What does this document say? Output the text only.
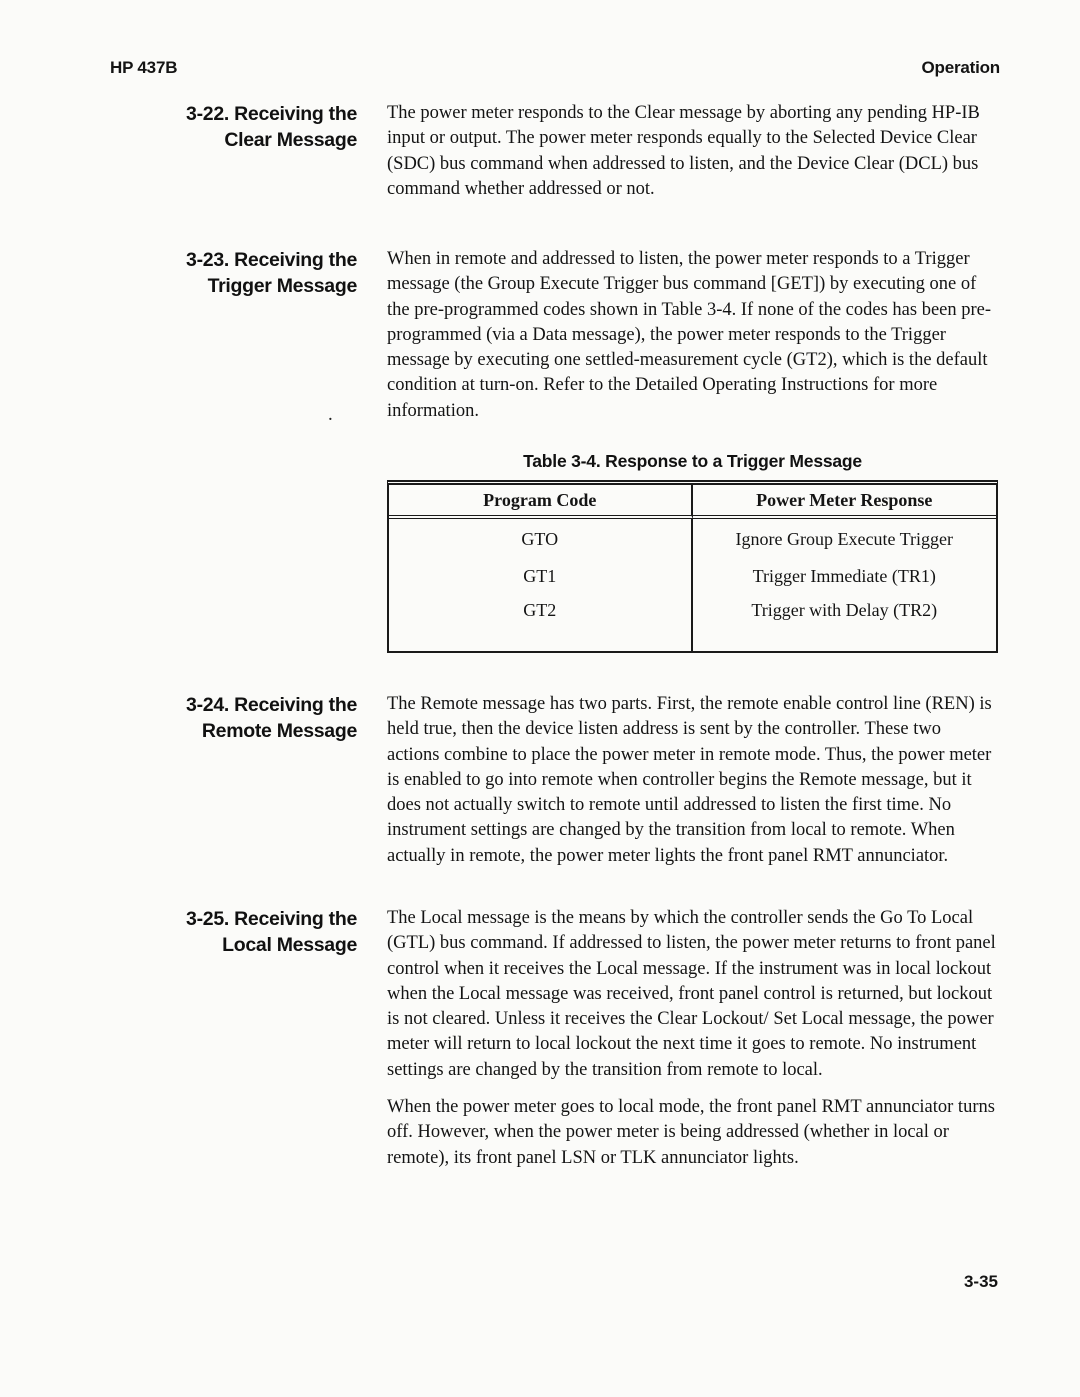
HP 437B	Operation
3-22. Receiving the
Clear Message

The power meter responds to the Clear message by aborting any pending HP-IB input or output. The power meter responds equally to the Selected Device Clear (SDC) bus command when addressed to listen, and the Device Clear (DCL) bus command whether addressed or not.

3-23. Receiving the
Trigger Message

When in remote and addressed to listen, the power meter responds to a Trigger message (the Group Execute Trigger bus command [GET]) by executing one of the pre-programmed codes shown in Table 3-4. If none of the codes has been pre-programmed (via a Data message), the power meter responds to the Trigger message by executing one settled-measurement cycle (GT2), which is the default condition at turn-on. Refer to the Detailed Operating Instructions for more information.

.
Table 3-4. Response to a Trigger Message
Program Code	Power Meter Response
GTO	Ignore Group Execute Trigger
GT1	Trigger Immediate (TR1)
GT2	Trigger with Delay (TR2)
3-24. Receiving the
Remote Message

The Remote message has two parts. First, the remote enable control line (REN) is held true, then the device listen address is sent by the controller. These two actions combine to place the power meter in remote mode. Thus, the power meter is enabled to go into remote when controller begins the Remote message, but it does not actually switch to remote until addressed to listen the first time. No instrument settings are changed by the transition from local to remote. When actually in remote, the power meter lights the front panel RMT annunciator.

3-25. Receiving the
Local Message

The Local message is the means by which the controller sends the Go To Local (GTL) bus command. If addressed to listen, the power meter returns to front panel control when it receives the Local message. If the instrument was in local lockout when the Local message was received, front panel control is returned, but lockout is not cleared. Unless it receives the Clear Lockout/ Set Local message, the power meter will return to local lockout the next time it goes to remote. No instrument settings are changed by the transition from remote to local.

When the power meter goes to local mode, the front panel RMT annunciator turns off. However, when the power meter is being addressed (whether in local or remote), its front panel LSN or TLK annunciator lights.

3-35
